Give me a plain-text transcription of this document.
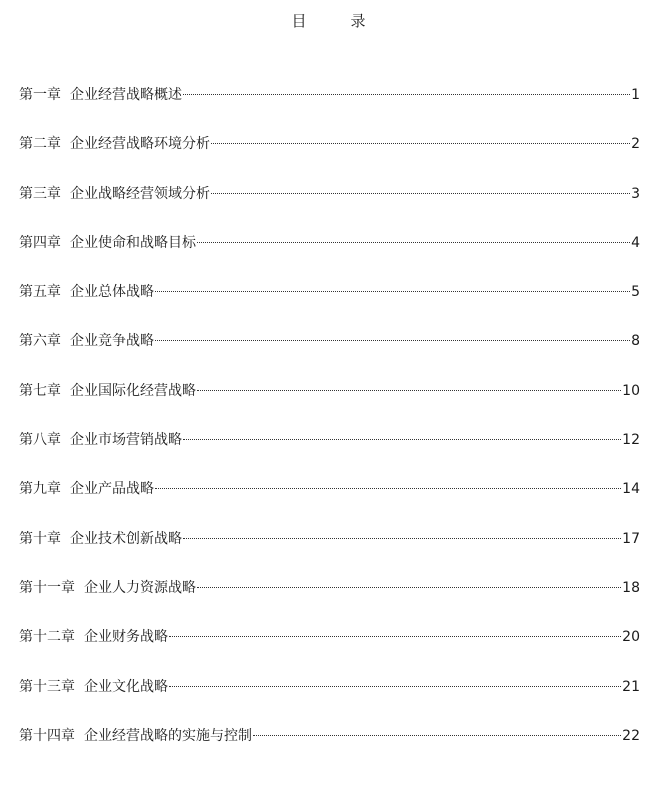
目	录
第一章 企业经营战略概述	1
第二章 企业经营战略环境分析	2
第三章 企业战略经营领域分析	3
第四章 企业使命和战略目标	4
第五章 企业总体战略	5
第六章 企业竞争战略	8
第七章 企业国际化经营战略	10
第八章 企业市场营销战略	12
第九章 企业产品战略	14
第十章 企业技术创新战略	17
第十一章 企业人力资源战略	18
第十二章 企业财务战略	20
第十三章 企业文化战略	21
第十四章 企业经营战略的实施与控制	22
